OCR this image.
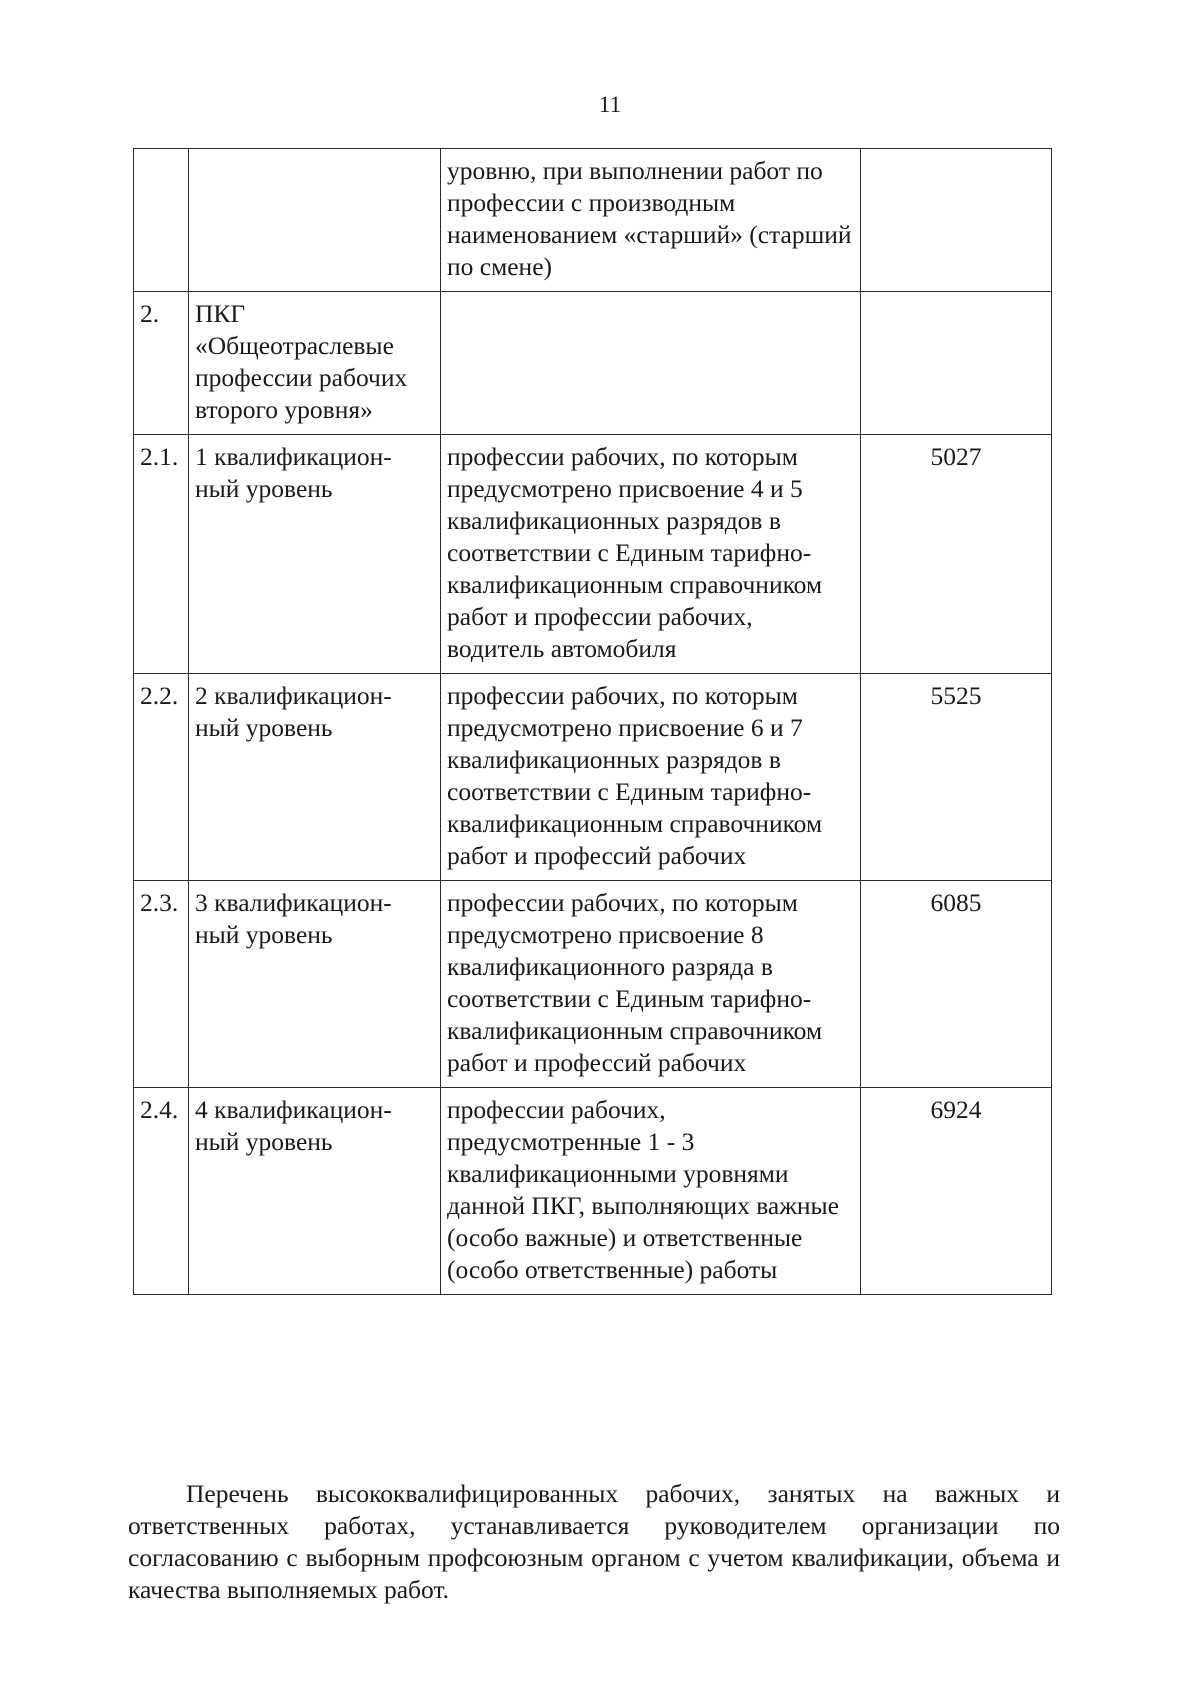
11
		уровню, при выполнении работ по профессии с производным наименованием «старший» (старший по смене)	
2.	ПКГ «Общеотраслевые профессии рабочих второго уровня»		
2.1.	1 квалификацион-ный уровень	профессии рабочих, по которым предусмотрено присвоение 4 и 5 квалификационных разрядов в соответствии с Единым тарифно-квалификационным справочником работ и профессии рабочих, водитель автомобиля	5027
2.2.	2 квалификацион-ный уровень	профессии рабочих, по которым предусмотрено присвоение 6 и 7 квалификационных разрядов в соответствии с Единым тарифно-квалификационным справочником работ и профессий рабочих	5525
2.3.	3 квалификацион-ный уровень	профессии рабочих, по которым предусмотрено присвоение 8 квалификационного разряда в соответствии с Единым тарифно-квалификационным справочником работ и профессий рабочих	6085
2.4.	4 квалификацион-ный уровень	профессии рабочих, предусмотренные 1 - 3 квалификационными уровнями данной ПКГ, выполняющих важные (особо важные) и ответственные (особо ответственные) работы	6924
Перечень высококвалифицированных рабочих, занятых на важных и ответственных работах, устанавливается руководителем организации по согласованию с выборным профсоюзным органом с учетом квалификации, объема и качества выполняемых работ.
